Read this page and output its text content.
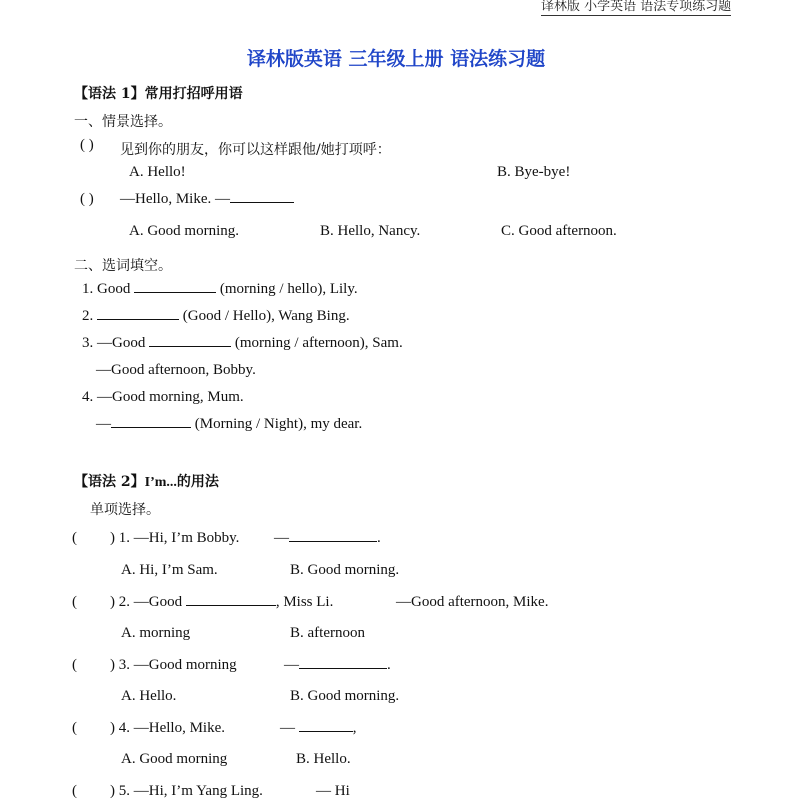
译林版 小学英语 语法专项练习题
译林版英语 三年级上册 语法练习题
【语法 1】常用打招呼用语
一、情景选择。
( ) 见到你的朋友，你可以这样跟他/她打项呼：
A. Hello!	B. Bye-bye!
( ) —Hello, Mike. —
A. Good morning.	B. Hello, Nancy.	C. Good afternoon.
二、选词填空。
1. Good	(morning / hello), Lily.
2.	(Good / Hello), Wang Bing.
3. —Good	(morning / afternoon), Sam.
—Good afternoon, Bobby.
4. —Good morning, Mum.
—	(Morning / Night), my dear.
【语法 2】I’m...的用法
单项选择。
( ) 1. —Hi, I’m Bobby. —	.
A. Hi, I’m Sam.	B. Good morning.
( ) 2. —Good	, Miss Li.	—Good afternoon, Mike.
A. morning	B. afternoon
( ) 3. —Good morning	—	.
A. Hello.	B. Good morning.
( ) 4. —Hello, Mike.	—	,
A. Good morning	B. Hello.
( ) 5. —Hi, I’m Yang Ling.	— Hi
